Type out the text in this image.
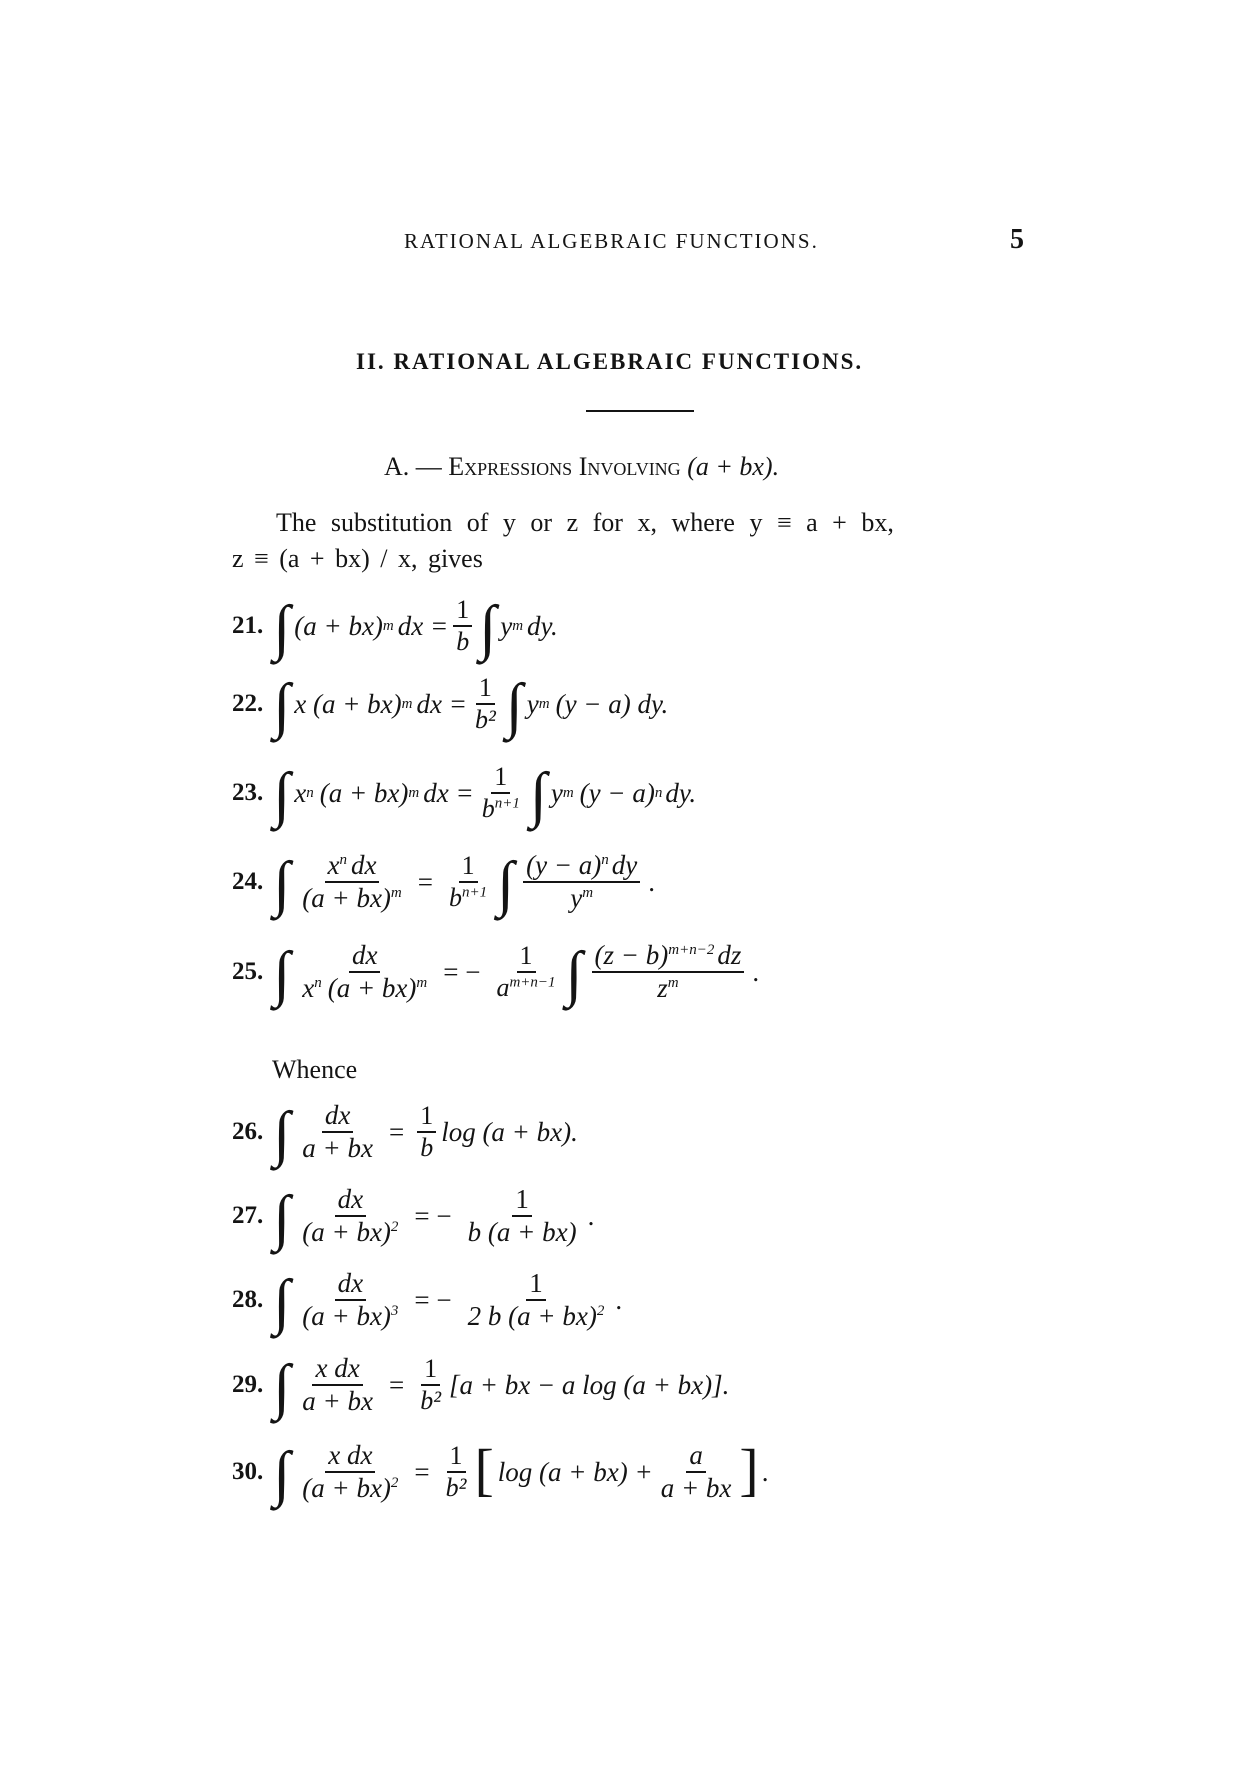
RATIONAL ALGEBRAIC FUNCTIONS.	5
II. RATIONAL ALGEBRAIC FUNCTIONS.
A. — Expressions Involving (a + bx).
The substitution of y or z for x, where y ≡ a + bx,
z ≡ (a + bx) / x, gives
21. ∫ (a + bx) m dx = $\frac{1}{b}$ ∫ y m dy.
22. ∫ x (a + bx) m dx = $\frac{1}{\text{b²}}$ ∫ y m (y − a) dy.
23. ∫ x n (a + bx) m dx = $\frac{1}{b^{n+1}}$ ∫ y m (y − a) n dy.
24. ∫ $\frac{x^n dx}{(a + bx)^m} = \frac{1}{b^{n+1}}$ ∫ $\frac{(y - a)^n dy}{y^m}$ .
25. ∫ $\frac{dx}{x^n (a + bx)^m}$ = − $\frac{1}{a^{m+n-1}}$ ∫ $\frac{(z - b)^{m+n-2} dz}{z^m}$ .
Whence
26. ∫ $\frac{dx}{a + bx} = \frac{1}{b}$ log (a + bx).
27. ∫ $\frac{dx}{(a + bx)^2}$ = − $\frac{1}{b (a + bx)}$ .
28. ∫ $\frac{dx}{(a + bx)^3}$ = − $\frac{1}{2 b (a + bx)^2}$ .
29. ∫ $\frac{\text{x dx}}{a + bx} = \frac{1}{\text{b²}} [a$ + bx − a log (a + bx)].
30. ∫ $\frac{\text{x dx}}{(a + bx)^2} = \frac{1}{\text{b²}}$ [ $\log (a + bx) + \frac{a}{a + bx}$ ] .
